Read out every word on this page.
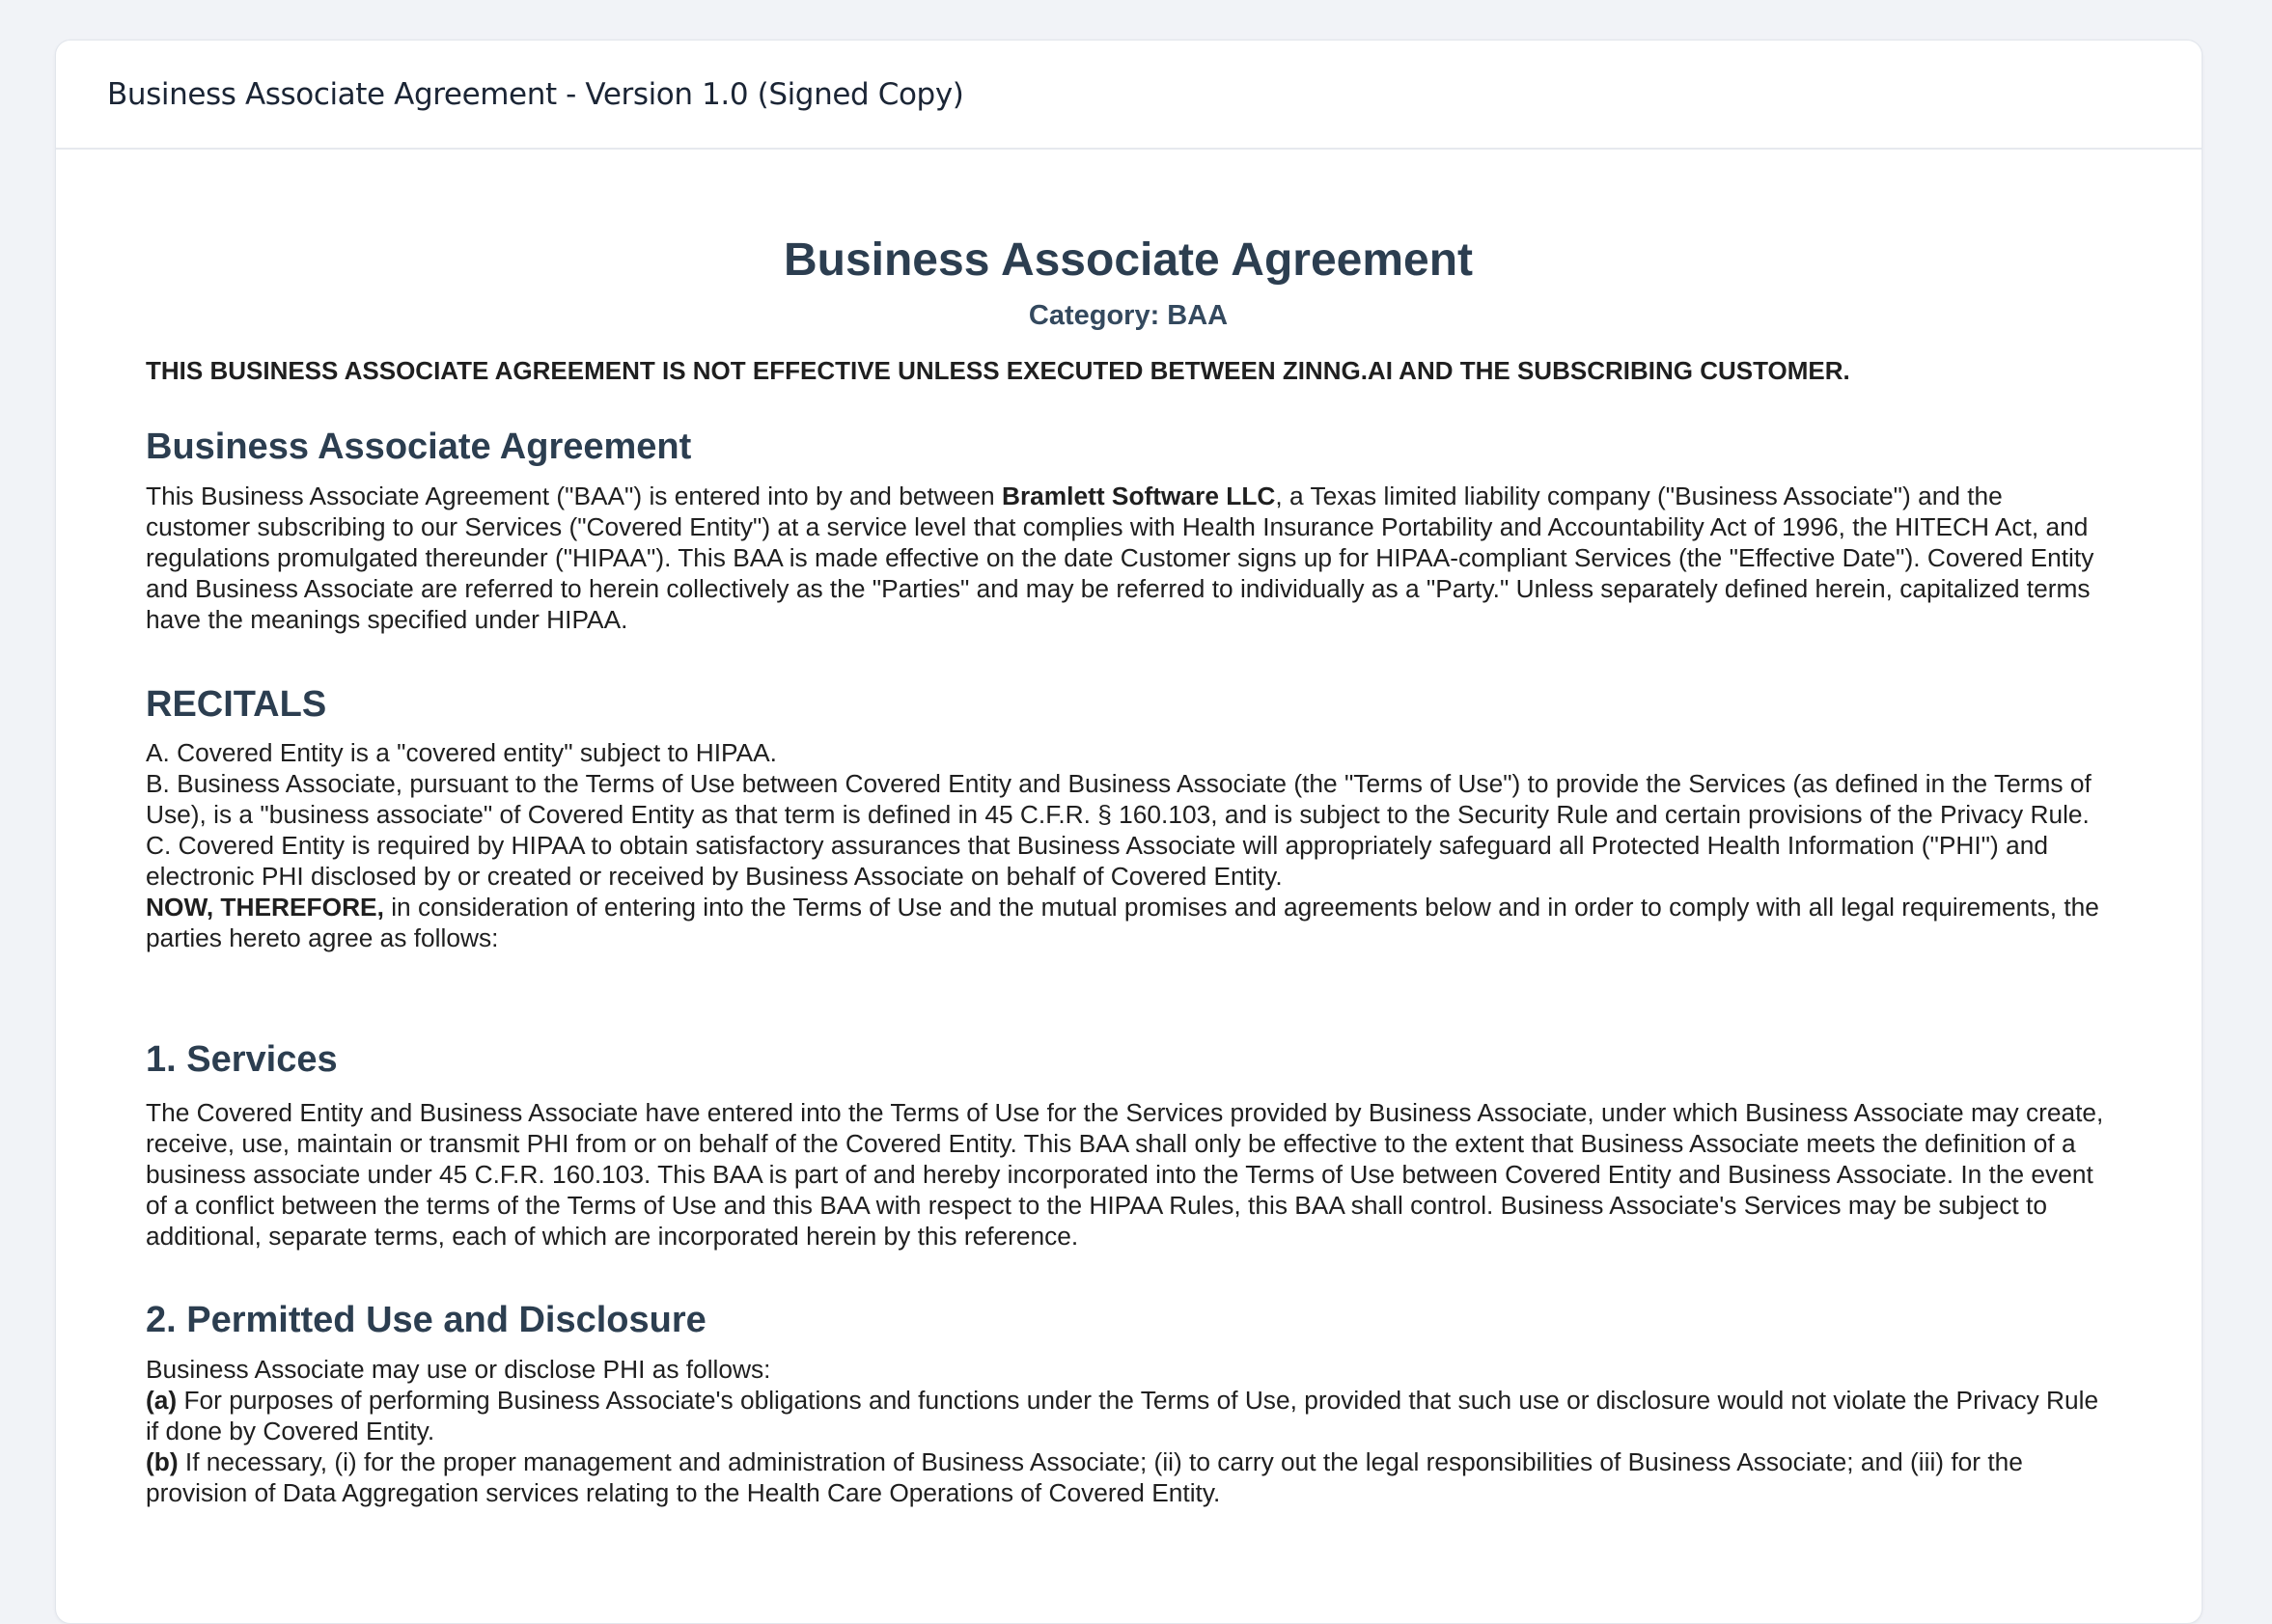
Business Associate Agreement - Version 1.0 (Signed Copy)
Business Associate Agreement
Category: BAA
THIS BUSINESS ASSOCIATE AGREEMENT IS NOT EFFECTIVE UNLESS EXECUTED BETWEEN ZINNG.AI AND THE SUBSCRIBING CUSTOMER.
Business Associate Agreement

This Business Associate Agreement ("BAA") is entered into by and between Bramlett Software LLC, a Texas limited liability company ("Business Associate") and the customer subscribing to our Services ("Covered Entity") at a service level that complies with Health Insurance Portability and Accountability Act of 1996, the HITECH Act, and regulations promulgated thereunder ("HIPAA"). This BAA is made effective on the date Customer signs up for HIPAA-compliant Services (the "Effective Date"). Covered Entity and Business Associate are referred to herein collectively as the "Parties" and may be referred to individually as a "Party." Unless separately defined herein, capitalized terms have the meanings specified under HIPAA.

RECITALS

A. Covered Entity is a "covered entity" subject to HIPAA.

B. Business Associate, pursuant to the Terms of Use between Covered Entity and Business Associate (the "Terms of Use") to provide the Services (as defined in the Terms of Use), is a "business associate" of Covered Entity as that term is defined in 45 C.F.R. § 160.103, and is subject to the Security Rule and certain provisions of the Privacy Rule.

C. Covered Entity is required by HIPAA to obtain satisfactory assurances that Business Associate will appropriately safeguard all Protected Health Information ("PHI") and electronic PHI disclosed by or created or received by Business Associate on behalf of Covered Entity.

NOW, THEREFORE, in consideration of entering into the Terms of Use and the mutual promises and agreements below and in order to comply with all legal requirements, the parties hereto agree as follows:

1. Services

The Covered Entity and Business Associate have entered into the Terms of Use for the Services provided by Business Associate, under which Business Associate may create, receive, use, maintain or transmit PHI from or on behalf of the Covered Entity. This BAA shall only be effective to the extent that Business Associate meets the definition of a business associate under 45 C.F.R. 160.103. This BAA is part of and hereby incorporated into the Terms of Use between Covered Entity and Business Associate. In the event of a conflict between the terms of the Terms of Use and this BAA with respect to the HIPAA Rules, this BAA shall control. Business Associate's Services may be subject to additional, separate terms, each of which are incorporated herein by this reference.

2. Permitted Use and Disclosure

Business Associate may use or disclose PHI as follows:

(a) For purposes of performing Business Associate's obligations and functions under the Terms of Use, provided that such use or disclosure would not violate the Privacy Rule if done by Covered Entity.

(b) If necessary, (i) for the proper management and administration of Business Associate; (ii) to carry out the legal responsibilities of Business Associate; and (iii) for the provision of Data Aggregation services relating to the Health Care Operations of Covered Entity.
